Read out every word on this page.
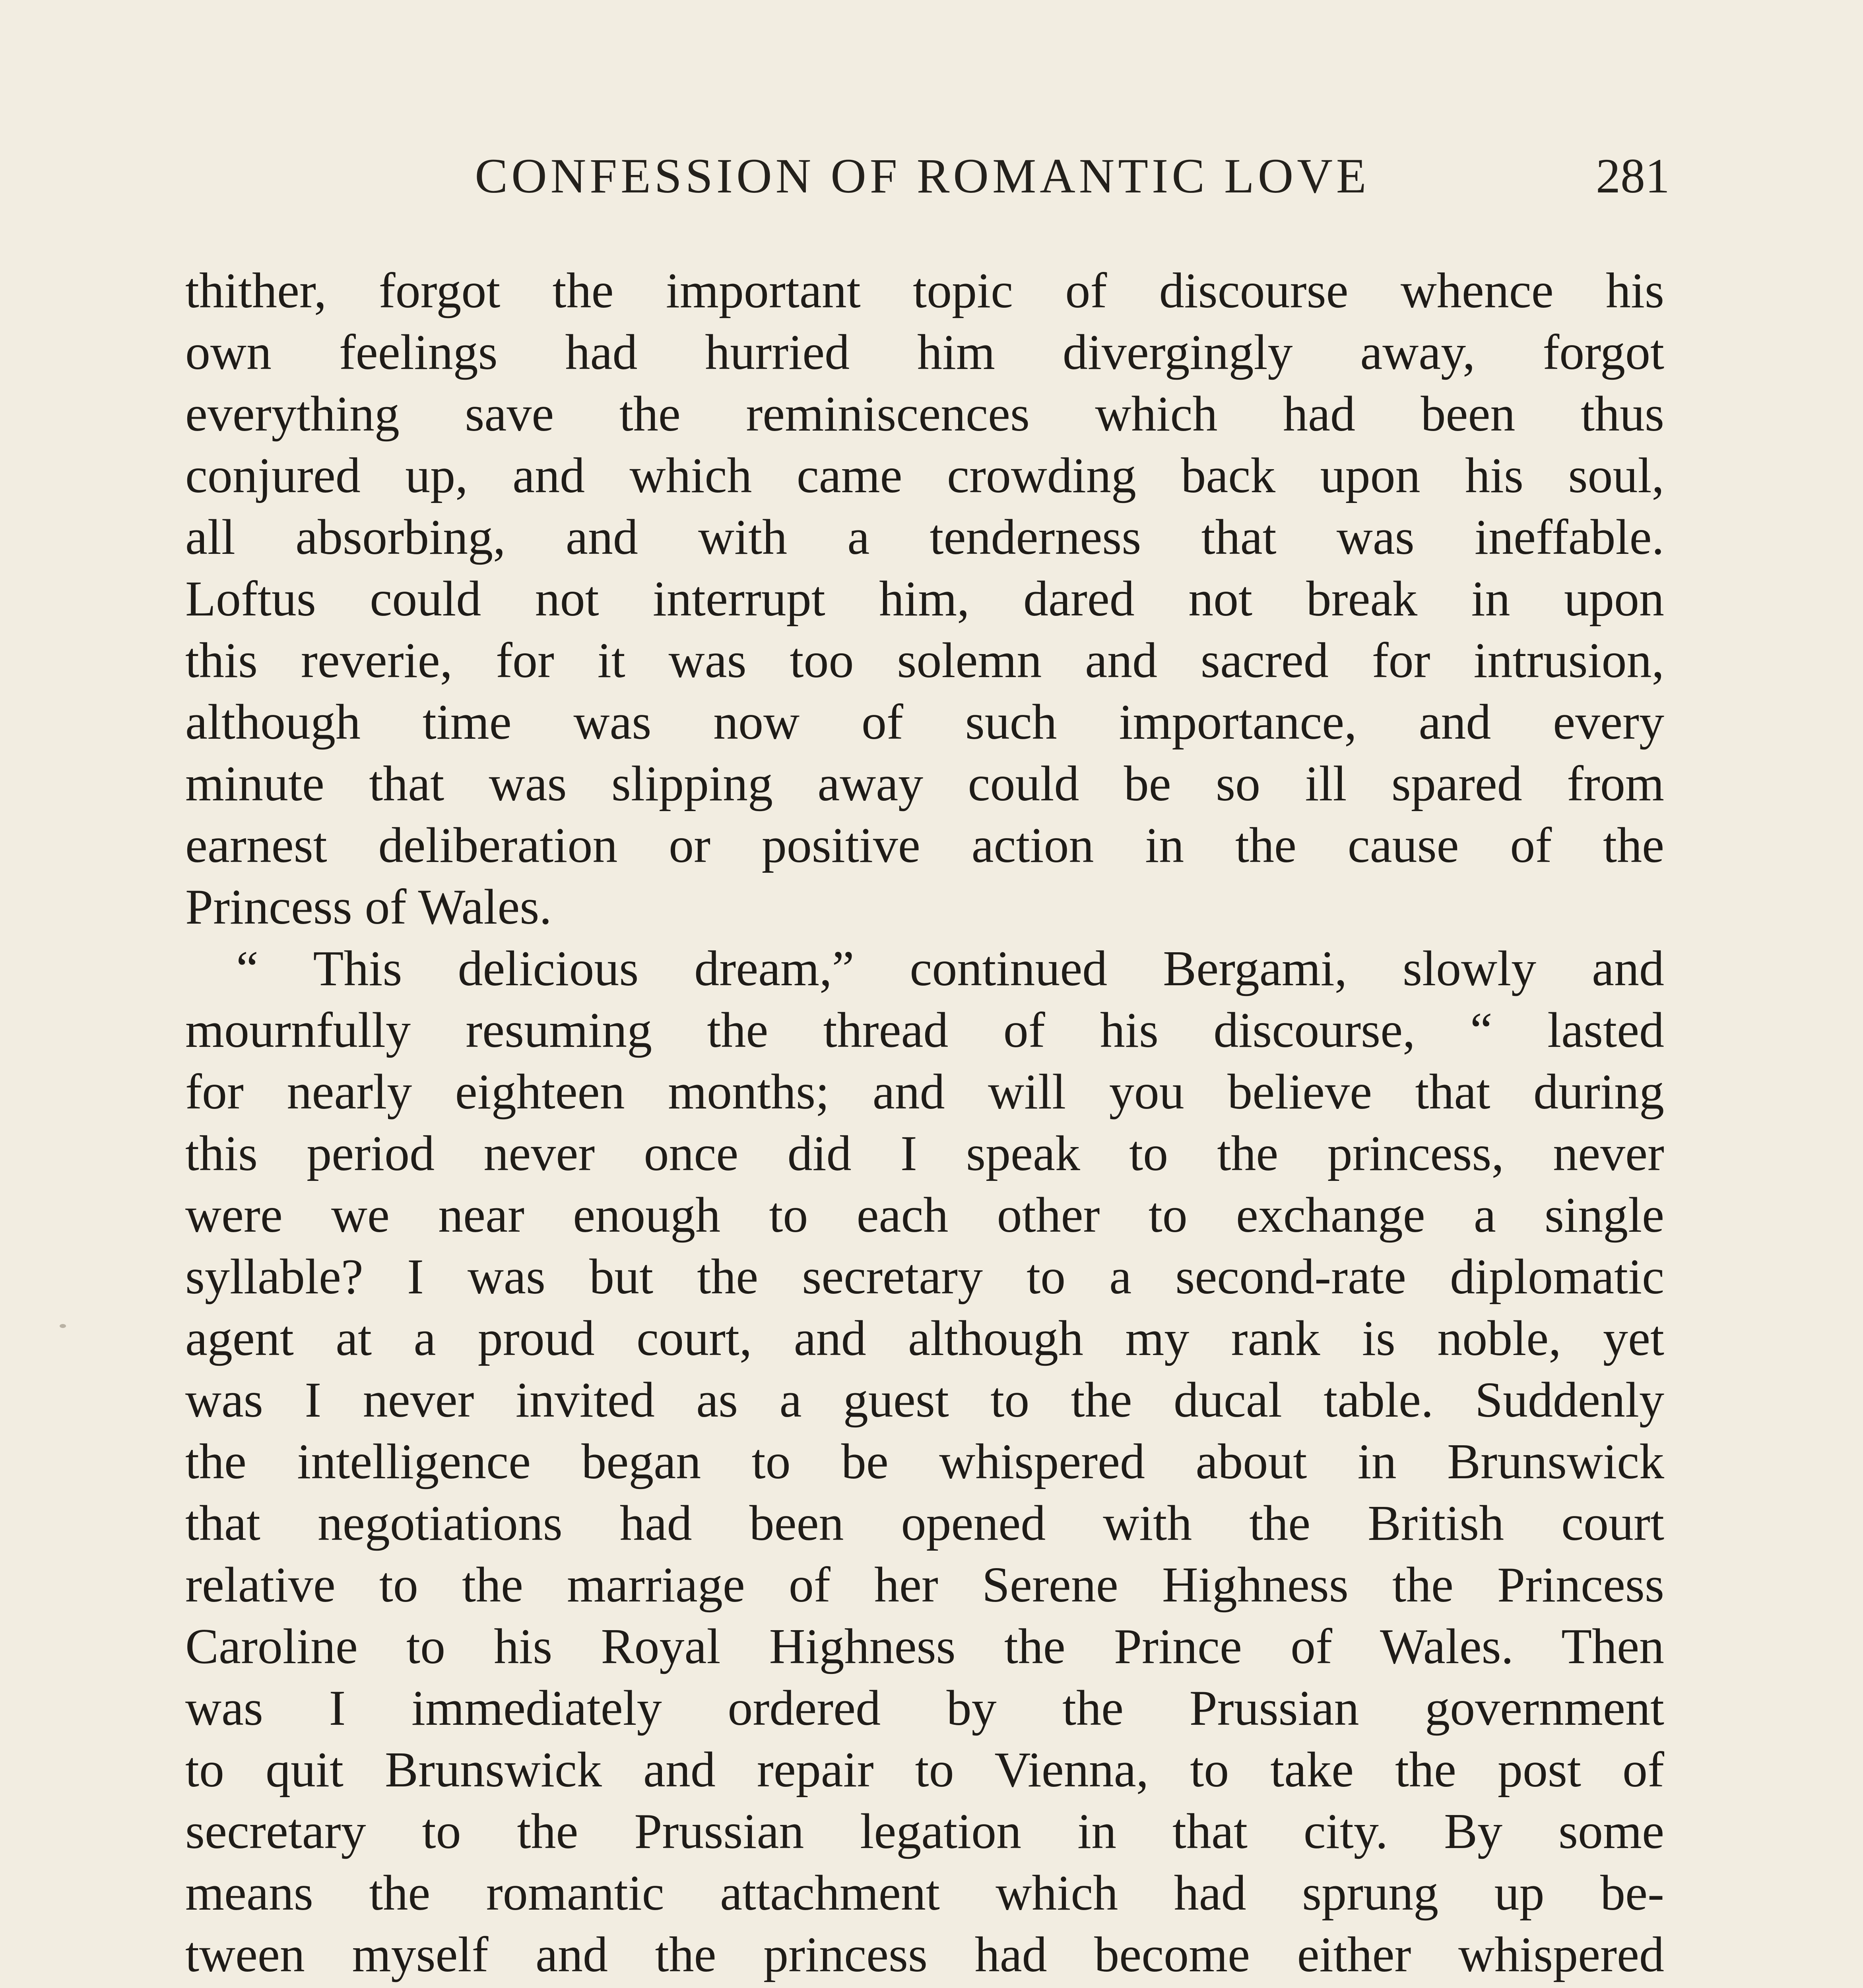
CONFESSION OF ROMANTIC LOVE	281
thither, forgot the important topic of discourse whence his
own feelings had hurried him divergingly away, forgot
everything save the reminiscences which had been thus
conjured up, and which came crowding back upon his soul,
all absorbing, and with a tenderness that was ineffable.
Loftus could not interrupt him, dared not break in upon
this reverie, for it was too solemn and sacred for intrusion,
although time was now of such importance, and every
minute that was slipping away could be so ill spared from
earnest deliberation or positive action in the cause of the
Princess of Wales.
“ This delicious dream,” continued Bergami, slowly and
mournfully resuming the thread of his discourse, “ lasted
for nearly eighteen months; and will you believe that during
this period never once did I speak to the princess, never
were we near enough to each other to exchange a single
syllable? I was but the secretary to a second-rate diplomatic
agent at a proud court, and although my rank is noble, yet
was I never invited as a guest to the ducal table. Suddenly
the intelligence began to be whispered about in Brunswick
that negotiations had been opened with the British court
relative to the marriage of her Serene Highness the Princess
Caroline to his Royal Highness the Prince of Wales. Then
was I immediately ordered by the Prussian government
to quit Brunswick and repair to Vienna, to take the post of
secretary to the Prussian legation in that city. By some
means the romantic attachment which had sprung up be-
tween myself and the princess had become either whispered
